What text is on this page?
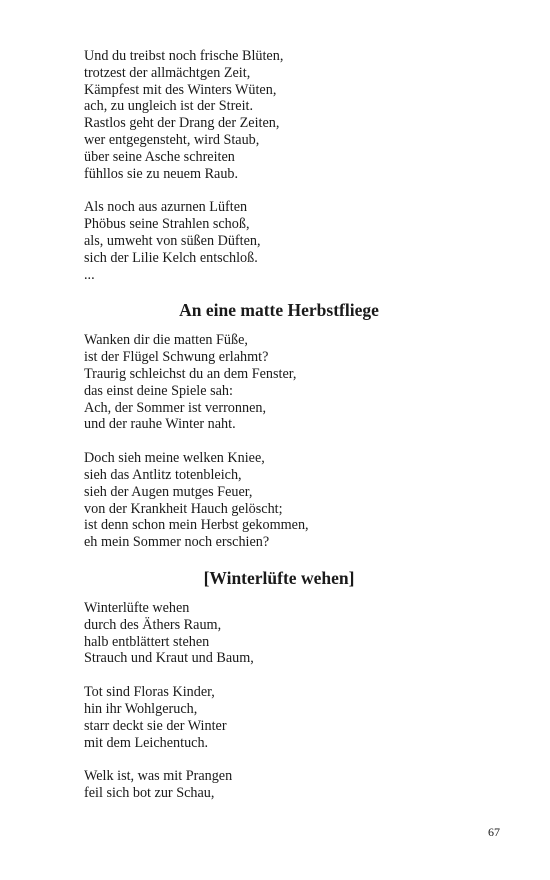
Und du treibst noch frische Blüten,
trotzest der allmächtgen Zeit,
Kämpfest mit des Winters Wüten,
ach, zu ungleich ist der Streit.
Rastlos geht der Drang der Zeiten,
wer entgegensteht, wird Staub,
über seine Asche schreiten
fühllos sie zu neuem Raub.
Als noch aus azurnen Lüften
Phöbus seine Strahlen schoß,
als, umweht von süßen Düften,
sich der Lilie Kelch entschloß.
...
An eine matte Herbstfliege
Wanken dir die matten Füße,
ist der Flügel Schwung erlahmt?
Traurig schleichst du an dem Fenster,
das einst deine Spiele sah:
Ach, der Sommer ist verronnen,
und der rauhe Winter naht.
Doch sieh meine welken Kniee,
sieh das Antlitz totenbleich,
sieh der Augen mutges Feuer,
von der Krankheit Hauch gelöscht;
ist denn schon mein Herbst gekommen,
eh mein Sommer noch erschien?
[Winterlüfte wehen]
Winterlüfte wehen
durch des Äthers Raum,
halb entblättert stehen
Strauch und Kraut und Baum,
Tot sind Floras Kinder,
hin ihr Wohlgeruch,
starr deckt sie der Winter
mit dem Leichentuch.
Welk ist, was mit Prangen
feil sich bot zur Schau,
67
